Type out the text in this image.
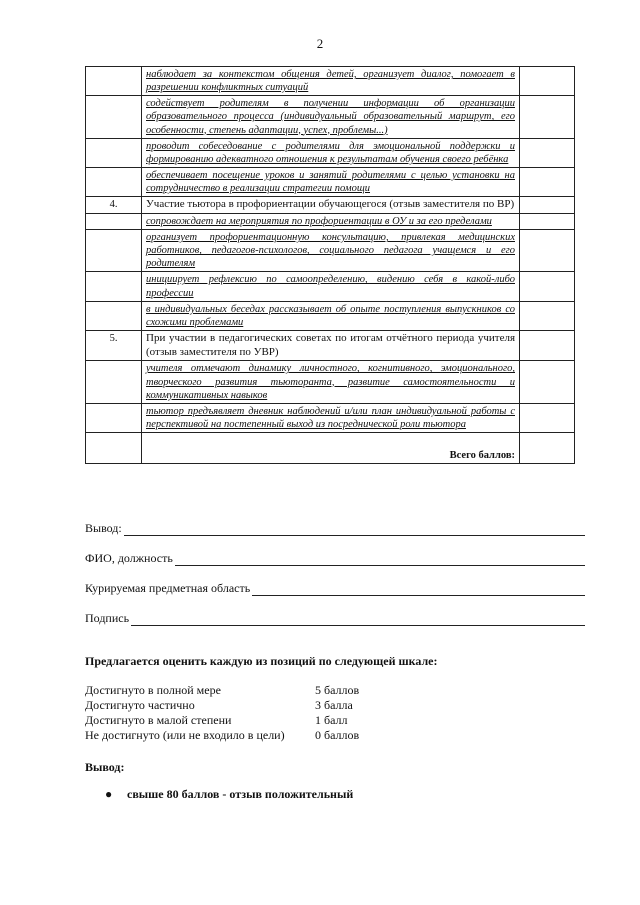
2
	наблюдает за контекстом общения детей, организует диалог, помогает в разрешении конфликтных ситуаций	
	содействует родителям в получении информации об организации образовательного процесса (индивидуальный образовательный маршрут, его особенности, степень адаптации, успех, проблемы...)	
	проводит собеседование с родителями для эмоциональной поддержки и формированию адекватного отношения к результатам обучения своего ребёнка	
	обеспечивает посещение уроков и занятий родителями с целью установки на сотрудничество в реализации стратегии помощи	
4.	Участие тьютора в профориентации обучающегося (отзыв заместителя по ВР)	
	сопровождает на мероприятия по профориентации в ОУ и за его пределами	
	организует профориентационную консультацию, привлекая медицинских работников, педагогов-психологов, социального педагога учащемся и его родителям	
	инициирует рефлексию по самоопределению, видению себя в какой-либо профессии	
	в индивидуальных беседах рассказывает об опыте поступления выпускников со схожими проблемами	
5.	При участии в педагогических советах по итогам отчётного периода учителя (отзыв заместителя по УВР)	
	учителя отмечают динамику личностного, когнитивного, эмоционального, творческого развития тьюторанта, развитие самостоятельности и коммуникативных навыков	
	тьютор предъявляет дневник наблюдений и/или план индивидуальной работы с перспективой на постепенный выход из посреднической роли тьютора	
	Всего баллов:	
Вывод:
ФИО, должность
Курируемая предметная область
Подпись
Предлагается оценить каждую из позиций по следующей шкале:
Достигнуто в полной мере	5 баллов
Достигнуто частично	3 балла
Достигнуто в малой степени	1 балл
Не достигнуто (или не входило в цели)	0 баллов
Вывод:
●	свыше 80 баллов - отзыв положительный
